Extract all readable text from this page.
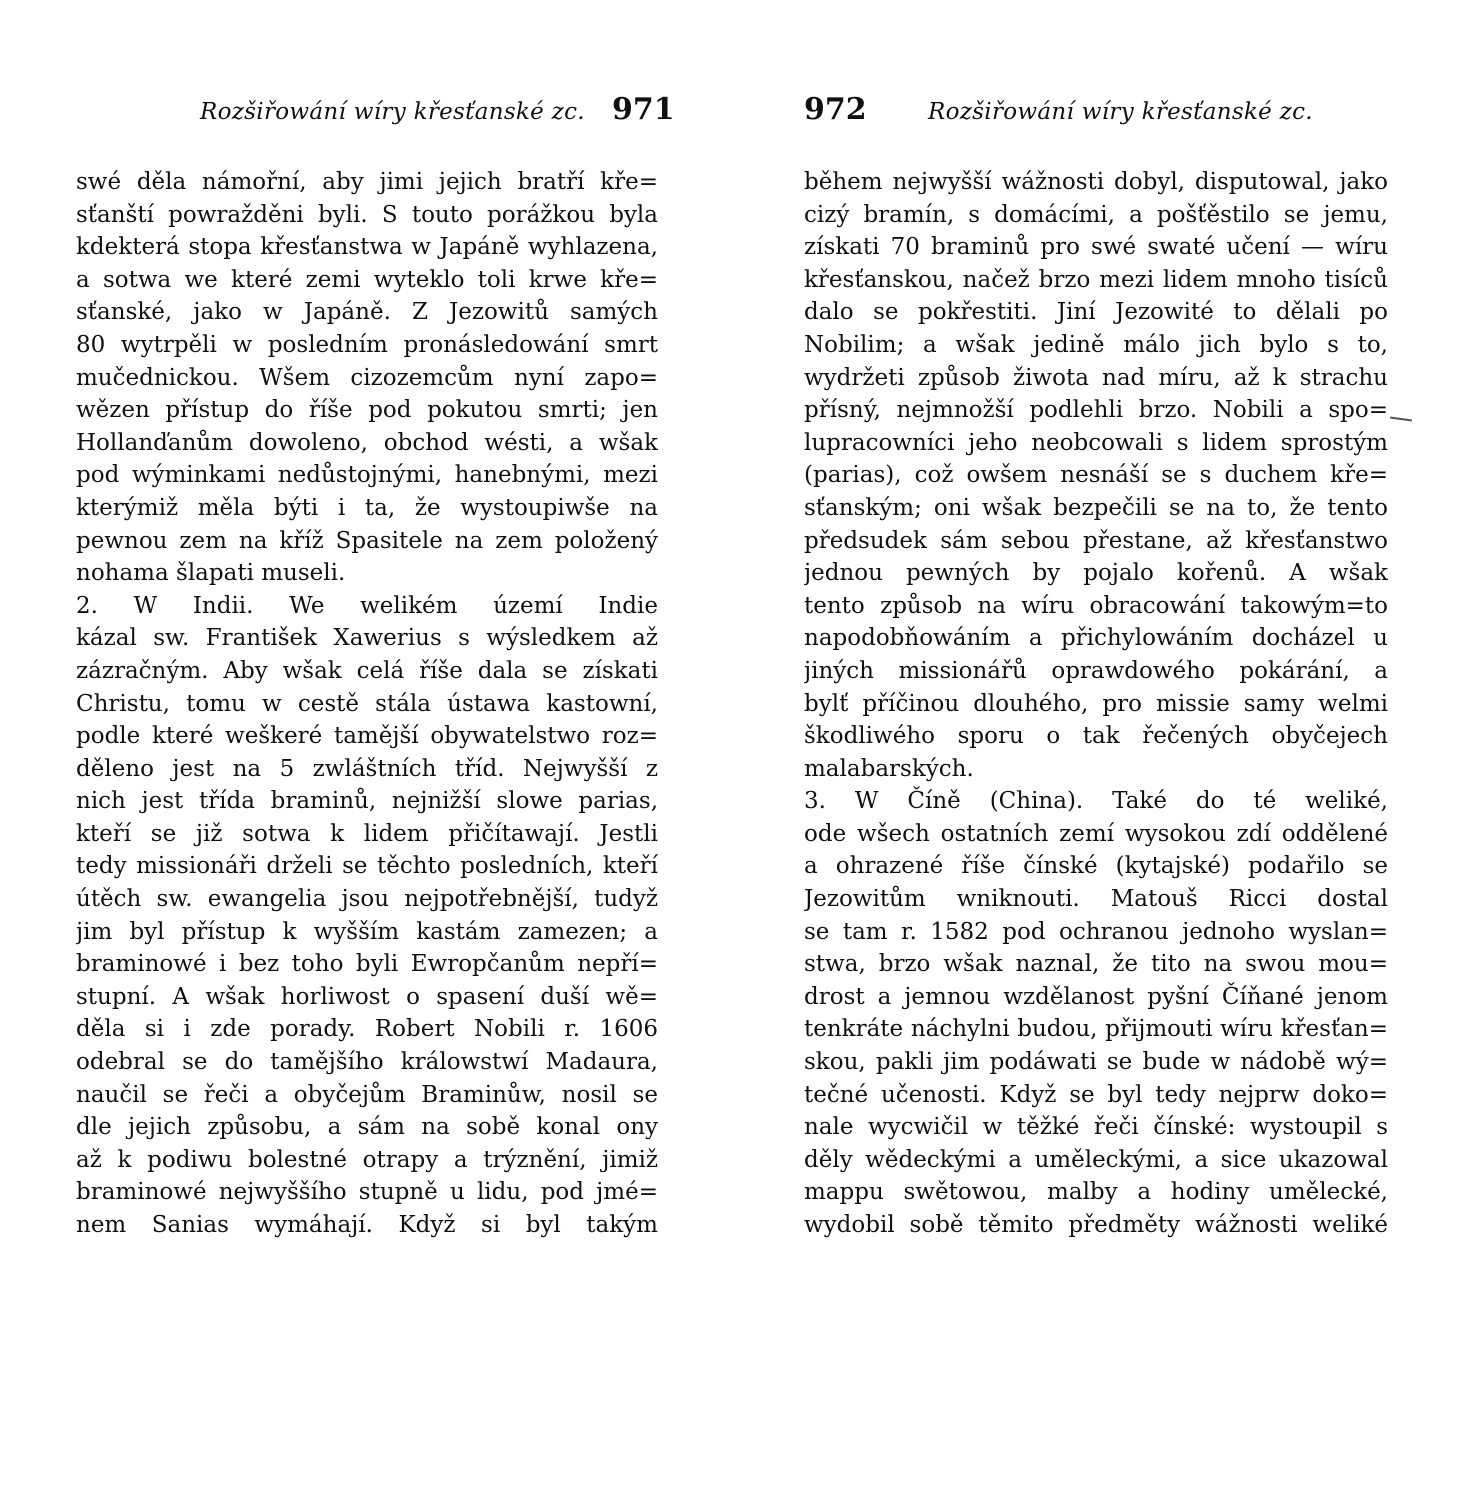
Rozšiřowání wíry křesťanské zc. 971
swé děla námořní, aby jimi jejich bratří kře=
sťanští powražděni byli. S touto porážkou byla
kdekterá stopa křesťanstwa w Japáně wyhlazena,
a sotwa we které zemi wyteklo toli krwe kře=
sťanské, jako w Japáně. Z Jezowitů samých
80 wytrpěli w posledním pronásledowání smrt
mučednickou. Wšem cizozemcům nyní zapo=
wězen přístup do říše pod pokutou smrti; jen
Hollanďanům dowoleno, obchod wésti, a wšak
pod wýminkami nedůstojnými, hanebnými, mezi
kterýmiž měla býti i ta, že wystoupiwše na
pewnou zem na kříž Spasitele na zem položený
nohama šlapati museli.
2. W Indii. We welikém území Indie
kázal sw. František Xawerius s wýsledkem až
zázračným. Aby wšak celá říše dala se získati
Christu, tomu w cestě stála ústawa kastowní,
podle které weškeré tamější obywatelstwo roz=
děleno jest na 5 zwláštních tříd. Nejwyšší z
nich jest třída braminů, nejnižší slowe parias,
kteří se již sotwa k lidem přičítawají. Jestli
tedy missionáři drželi se těchto posledních, kteří
útěch sw. ewangelia jsou nejpotřebnější, tudyž
jim byl přístup k wyšším kastám zamezen; a
braminowé i bez toho byli Ewropčanům nepří=
stupní. A wšak horliwost o spasení duší wě=
děla si i zde porady. Robert Nobili r. 1606
odebral se do tamějšího králowstwí Madaura,
naučil se řeči a obyčejům Braminůw, nosil se
dle jejich způsobu, a sám na sobě konal ony
až k podiwu bolestné otrapy a trýznění, jimiž
braminowé nejwyššího stupně u lidu, pod jmé=
nem Sanias wymáhají. Když si byl takým
972	Rozšiřowání wíry křesťanské zc.
během nejwyšší wážnosti dobyl, disputowal, jako
cizý bramín, s domácími, a pošťěstilo se jemu,
získati 70 braminů pro swé swaté učení — wíru
křesťanskou, načež brzo mezi lidem mnoho tisíců
dalo se pokřestiti. Jiní Jezowité to dělali po
Nobilim; a wšak jedině málo jich bylo s to,
wydržeti způsob žiwota nad míru, až k strachu
přísný, nejmnožší podlehli brzo. Nobili a spo=
lupracowníci jeho neobcowali s lidem sprostým
(parias), což owšem nesnáší se s duchem kře=
sťanským; oni wšak bezpečili se na to, že tento
předsudek sám sebou přestane, až křesťanstwo
jednou pewných by pojalo kořenů. A wšak
tento způsob na wíru obracowání takowým=to
napodobňowáním a přichylowáním docházel u
jiných missionářů oprawdowého pokárání, a
bylť příčinou dlouhého, pro missie samy welmi
škodliwého sporu o tak řečených obyčejech
malabarských.
3. W Číně (China). Také do té weliké,
ode wšech ostatních zemí wysokou zdí oddělené
a ohrazené říše čínské (kytajské) podařilo se
Jezowitům wniknouti. Matouš Ricci dostal
se tam r. 1582 pod ochranou jednoho wyslan=
stwa, brzo wšak naznal, že tito na swou mou=
drost a jemnou wzdělanost pyšní Číňané jenom
tenkráte náchylni budou, přijmouti wíru křesťan=
skou, pakli jim podáwati se bude w nádobě wý=
tečné učenosti. Když se byl tedy nejprw doko=
nale wycwičil w těžké řeči čínské: wystoupil s
děly wědeckými a uměleckými, a sice ukazowal
mappu swětowou, malby a hodiny umělecké,
wydobil sobě těmito předměty wážnosti weliké
